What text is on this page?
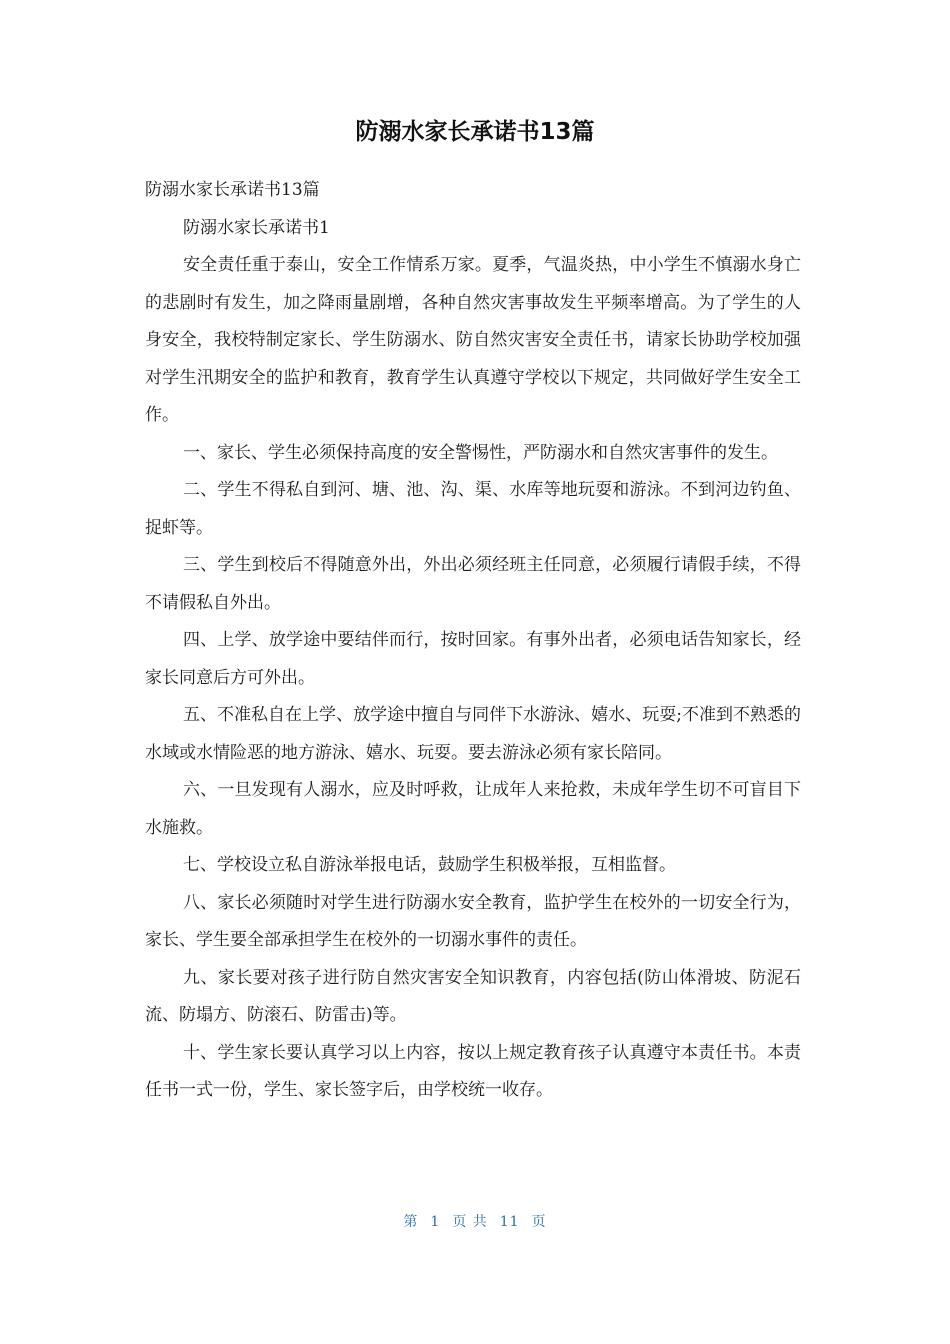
防溺水家长承诺书13篇

防溺水家长承诺书13篇

防溺水家长承诺书1

安全责任重于泰山，安全工作情系万家。夏季，气温炎热，中小学生不慎溺水身亡的悲剧时有发生，加之降雨量剧增，各种自然灾害事故发生平频率增高。为了学生的人身安全，我校特制定家长、学生防溺水、防自然灾害安全责任书，请家长协助学校加强对学生汛期安全的监护和教育，教育学生认真遵守学校以下规定，共同做好学生安全工作。

一、家长、学生必须保持高度的安全警惕性，严防溺水和自然灾害事件的发生。

二、学生不得私自到河、塘、池、沟、渠、水库等地玩耍和游泳。不到河边钓鱼、捉虾等。

三、学生到校后不得随意外出，外出必须经班主任同意，必须履行请假手续，不得不请假私自外出。

四、上学、放学途中要结伴而行，按时回家。有事外出者，必须电话告知家长，经家长同意后方可外出。

五、不准私自在上学、放学途中擅自与同伴下水游泳、嬉水、玩耍;不准到不熟悉的水域或水情险恶的地方游泳、嬉水、玩耍。要去游泳必须有家长陪同。

六、一旦发现有人溺水，应及时呼救，让成年人来抢救，未成年学生切不可盲目下水施救。

七、学校设立私自游泳举报电话，鼓励学生积极举报，互相监督。

八、家长必须随时对学生进行防溺水安全教育，监护学生在校外的一切安全行为，家长、学生要全部承担学生在校外的一切溺水事件的责任。

九、家长要对孩子进行防自然灾害安全知识教育，内容包括(防山体滑坡、防泥石流、防塌方、防滚石、防雷击)等。

十、学生家长要认真学习以上内容，按以上规定教育孩子认真遵守本责任书。本责任书一式一份，学生、家长签字后，由学校统一收存。

第 1 页 共 11 页
